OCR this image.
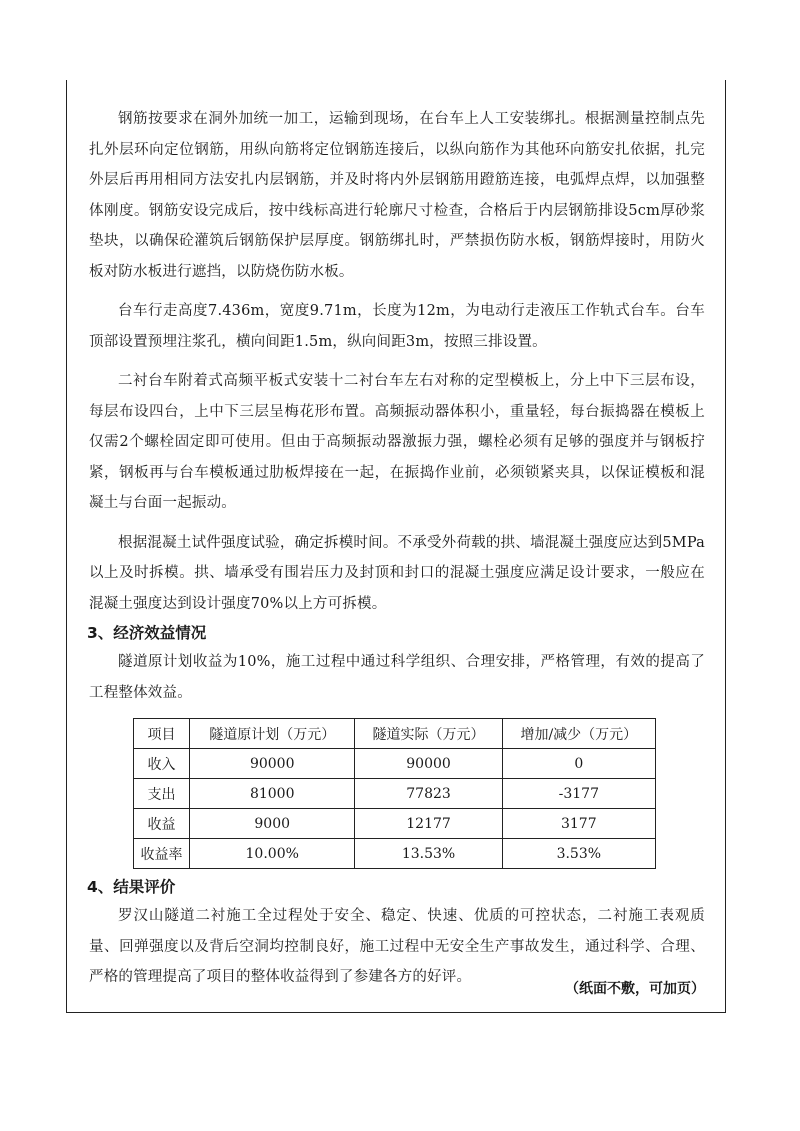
钢筋按要求在洞外加统一加工，运输到现场，在台车上人工安装绑扎。根据测量控制点先扎外层环向定位钢筋，用纵向筋将定位钢筋连接后，以纵向筋作为其他环向筋安扎依据，扎完外层后再用相同方法安扎内层钢筋，并及时将内外层钢筋用蹬筋连接，电弧焊点焊，以加强整体刚度。钢筋安设完成后，按中线标高进行轮廓尺寸检查，合格后于内层钢筋排设5cm厚砂浆垫块，以确保砼灌筑后钢筋保护层厚度。钢筋绑扎时，严禁损伤防水板，钢筋焊接时，用防火板对防水板进行遮挡，以防烧伤防水板。

台车行走高度7.436m，宽度9.71m，长度为12m，为电动行走液压工作轨式台车。台车顶部设置预埋注浆孔，横向间距1.5m，纵向间距3m，按照三排设置。

二衬台车附着式高频平板式安装十二衬台车左右对称的定型模板上，分上中下三层布设，每层布设四台，上中下三层呈梅花形布置。高频振动器体积小，重量轻，每台振捣器在模板上仅需2个螺栓固定即可使用。但由于高频振动器激振力强，螺栓必须有足够的强度并与钢板拧紧，钢板再与台车模板通过肋板焊接在一起，在振捣作业前，必须锁紧夹具，以保证模板和混凝土与台面一起振动。

根据混凝土试件强度试验，确定拆模时间。不承受外荷载的拱、墙混凝土强度应达到5MPa以上及时拆模。拱、墙承受有围岩压力及封顶和封口的混凝土强度应满足设计要求，一般应在混凝土强度达到设计强度70%以上方可拆模。

3、经济效益情况

隧道原计划收益为10%，施工过程中通过科学组织、合理安排，严格管理，有效的提高了工程整体效益。

项目	隧道原计划（万元）	隧道实际（万元）	增加/减少（万元）
收入	90000	90000	0
支出	81000	77823	-3177
收益	9000	12177	3177
收益率	10.00%	13.53%	3.53%
4、结果评价

罗汉山隧道二衬施工全过程处于安全、稳定、快速、优质的可控状态，二衬施工表观质量、回弹强度以及背后空洞均控制良好，施工过程中无安全生产事故发生，通过科学、合理、严格的管理提高了项目的整体收益得到了参建各方的好评。

（纸面不敷，可加页）
